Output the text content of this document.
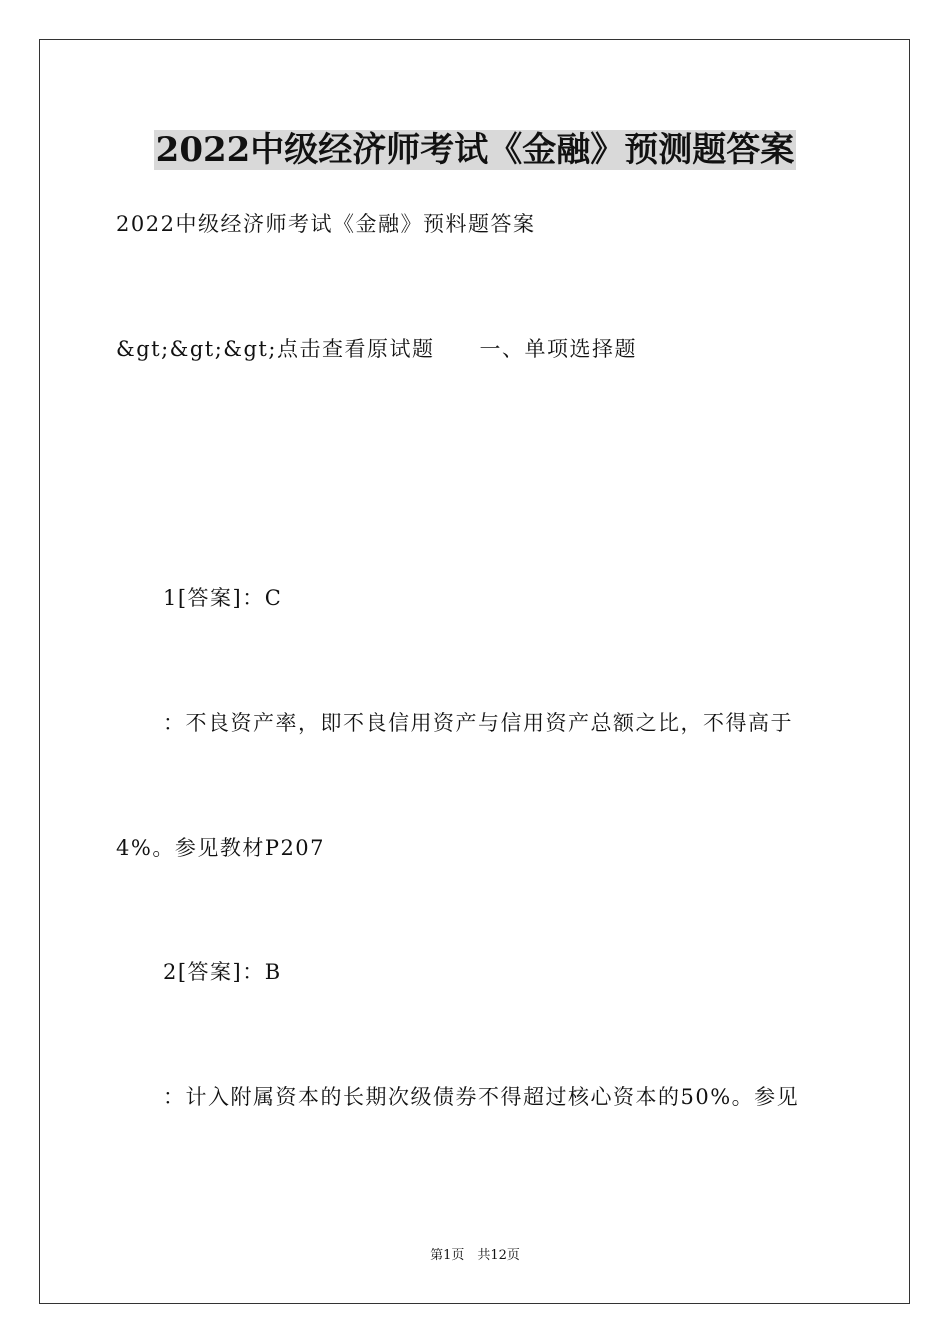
2022中级经济师考试《金融》预测题答案

2022中级经济师考试《金融》预料题答案

&gt;&gt;&gt;点击查看原试题　　一、单项选择题

1[答案]：C

：不良资产率，即不良信用资产与信用资产总额之比，不得高于

4%。参见教材P207

2[答案]：B

：计入附属资本的长期次级债券不得超过核心资本的50%。参见

第1页　共12页
